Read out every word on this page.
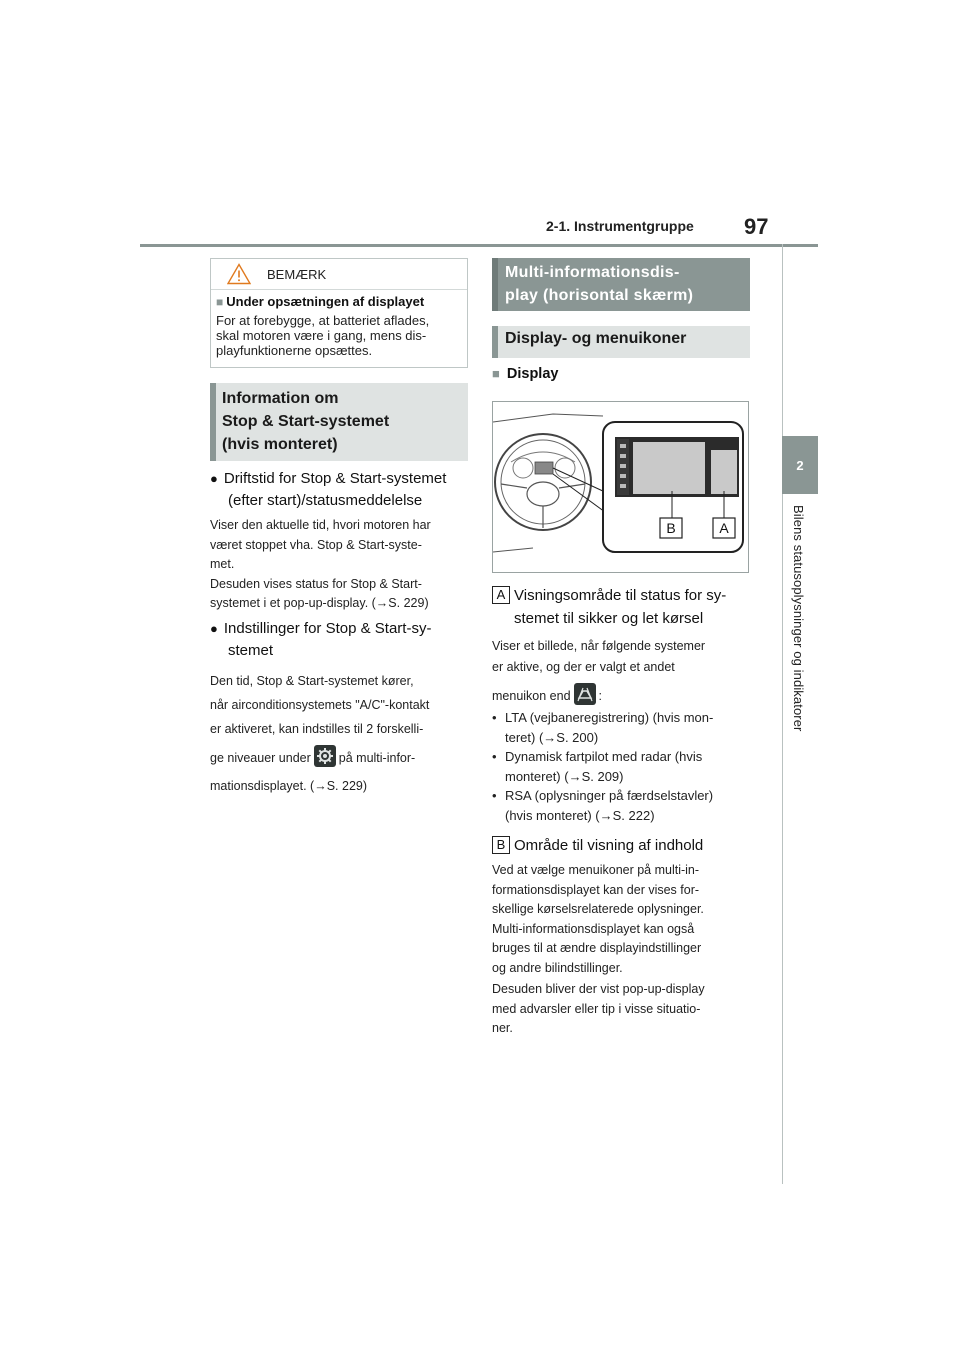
2-1. Instrumentgruppe 97
2
Bilens statusoplysninger og indikatorer
BEMÆRK
■ Under opsætningen af displayet
For at forebygge, at batteriet aflades,
skal motoren være i gang, mens dis-
playfunktionerne opsættes.
Information om
Stop & Start-systemet
(hvis monteret)
● Driftstid for Stop & Start-systemet
(efter start)/statusmeddelelse
Viser den aktuelle tid, hvori motoren har
været stoppet vha. Stop & Start-syste-
met.
Desuden vises status for Stop & Start-
systemet i et pop-up-display. (→S. 229)
● Indstillinger for Stop & Start-sy-
stemet
Den tid, Stop & Start-systemet kører,
når airconditionsystemets "A/C"-kontakt
er aktiveret, kan indstilles til 2 forskelli-
ge niveauer under på multi-infor-
mationsdisplayet. (→S. 229)
Multi-informationsdis-
play (horisontal skærm)
Display- og menuikoner
■ Display
B	A
A Visningsområde til status for sy-
stemet til sikker og let kørsel
Viser et billede, når følgende systemer
er aktive, og der er valgt et andet
menuikon end :
• LTA (vejbaneregistrering) (hvis mon-
teret) (→S. 200)
• Dynamisk fartpilot med radar (hvis
monteret) (→S. 209)
• RSA (oplysninger på færdselstavler)
(hvis monteret) (→S. 222)
B Område til visning af indhold
Ved at vælge menuikoner på multi-in-
formationsdisplayet kan der vises for-
skellige kørselsrelaterede oplysninger.
Multi-informationsdisplayet kan også
bruges til at ændre displayindstillinger
og andre bilindstillinger.
Desuden bliver der vist pop-up-display
med advarsler eller tip i visse situatio-
ner.
